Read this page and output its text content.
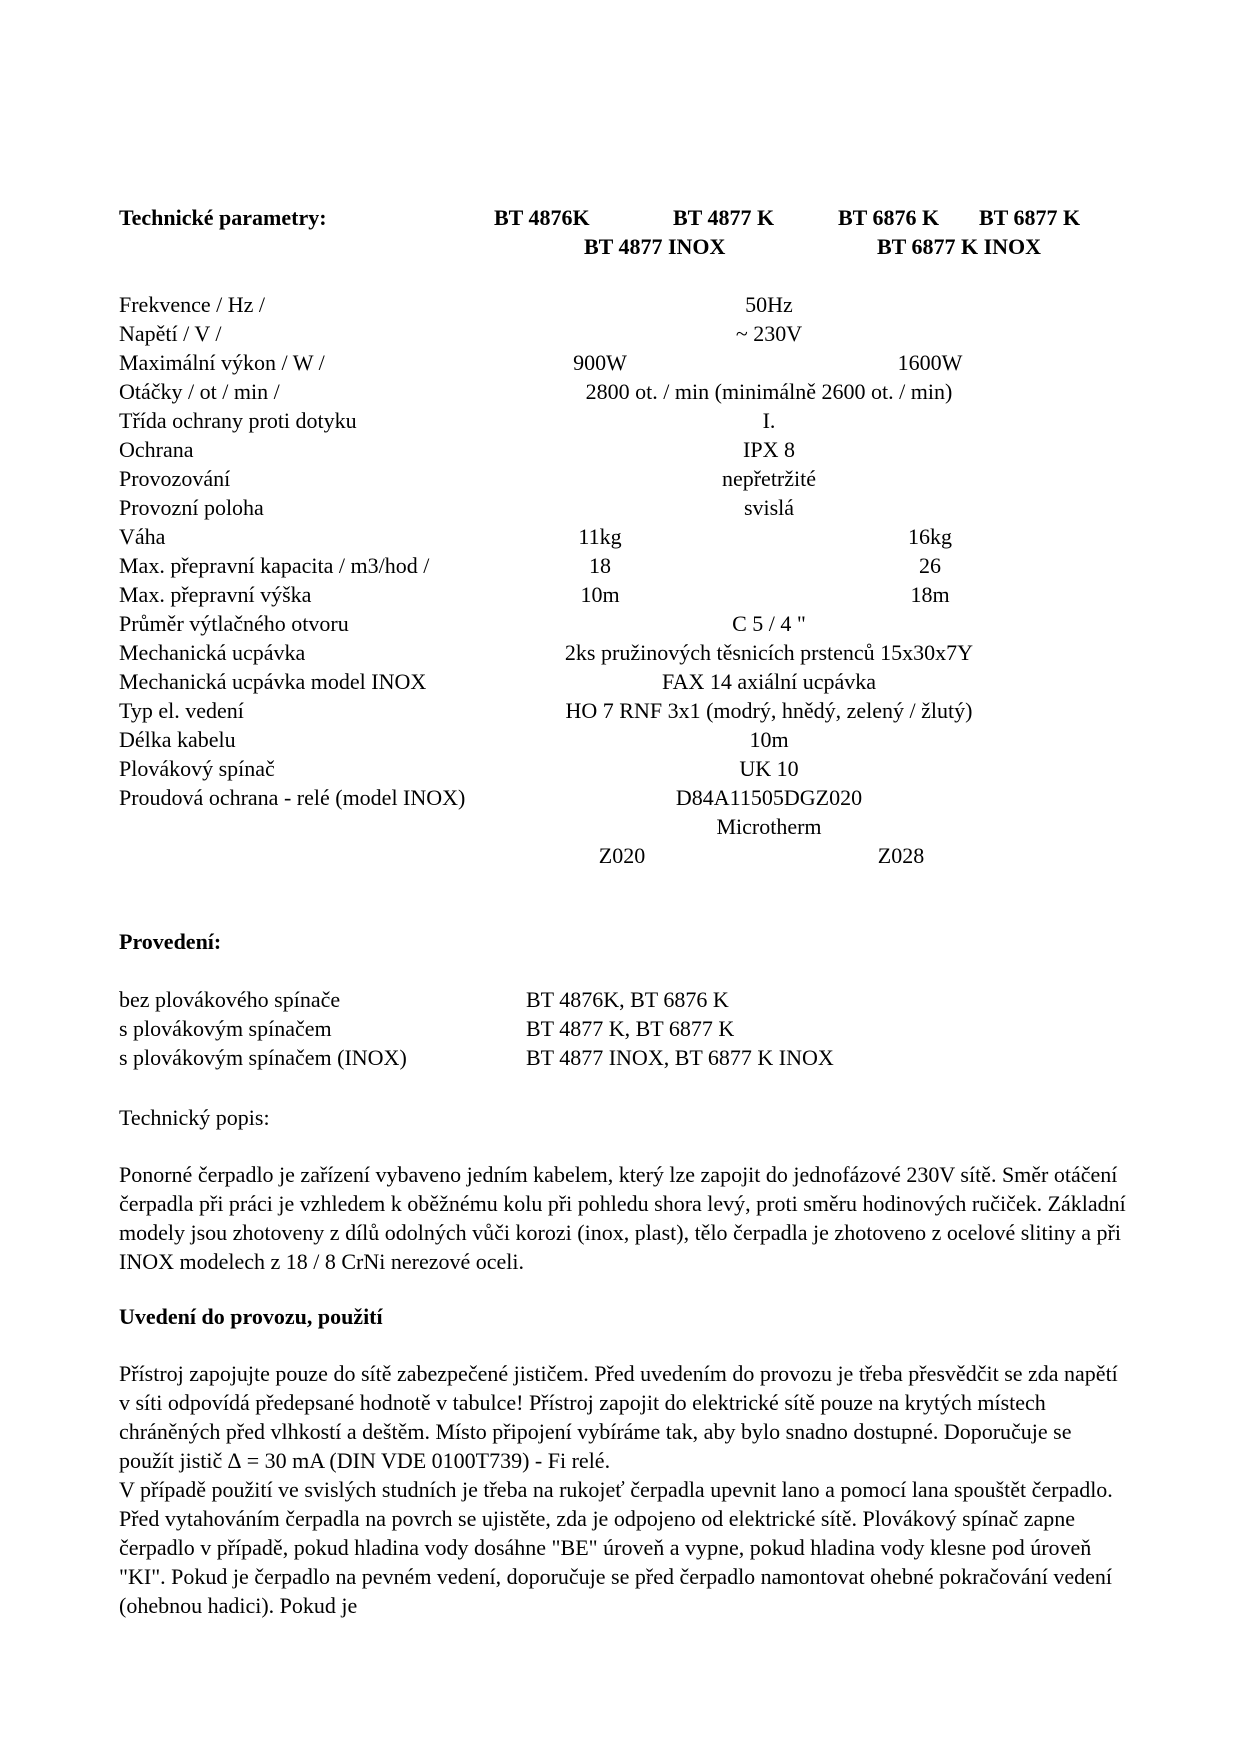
Technické parametry:	BT 4876K	BT 4877 K	BT 6876 K BT 6877 K
BT 4877 INOX	BT 6877 K INOX
Frekvence / Hz /	50Hz
Napětí / V /	~ 230V
Maximální výkon / W /	900W	1600W
Otáčky / ot / min /	2800 ot. / min (minimálně 2600 ot. / min)
Třída ochrany proti dotyku	I.
Ochrana	IPX 8
Provozování	nepřetržité
Provozní poloha	svislá
Váha	11kg	16kg
Max. přepravní kapacita / m3/hod /	18	26
Max. přepravní výška	10m	18m
Průměr výtlačného otvoru	C 5 / 4 "
Mechanická ucpávka	2ks pružinových těsnicích prstenců 15x30x7Y
Mechanická ucpávka model INOX	FAX 14 axiální ucpávka
Typ el. vedení	HO 7 RNF 3x1 (modrý, hnědý, zelený / žlutý)
Délka kabelu	10m
Plovákový spínač	UK 10
Proudová ochrana - relé (model INOX)	D84A11505DGZ020
Microtherm
Z020	Z028
Provedení:
bez plovákového spínače	BT 4876K, BT 6876 K
s plovákovým spínačem	BT 4877 K, BT 6877 K
s plovákovým spínačem (INOX)	BT 4877 INOX, BT 6877 K INOX
Technický popis:

Ponorné čerpadlo je zařízení vybaveno jedním kabelem, který lze zapojit do jednofázové 230V sítě. Směr otáčení čerpadla při práci je vzhledem k oběžnému kolu při pohledu shora levý, proti směru hodinových ručiček. Základní modely jsou zhotoveny z dílů odolných vůči korozi (inox, plast), tělo čerpadla je zhotoveno z ocelové slitiny a při INOX modelech z 18 / 8 CrNi nerezové oceli.

Uvedení do provozu, použití

Přístroj zapojujte pouze do sítě zabezpečené jističem. Před uvedením do provozu je třeba přesvědčit se zda napětí v síti odpovídá předepsané hodnotě v tabulce! Přístroj zapojit do elektrické sítě pouze na krytých místech chráněných před vlhkostí a deštěm. Místo připojení vybíráme tak, aby bylo snadno dostupné. Doporučuje se použít jistič ∆ = 30 mA (DIN VDE 0100T739) - Fi relé.

V případě použití ve svislých studních je třeba na rukojeť čerpadla upevnit lano a pomocí lana spouštět čerpadlo. Před vytahováním čerpadla na povrch se ujistěte, zda je odpojeno od elektrické sítě. Plovákový spínač zapne čerpadlo v případě, pokud hladina vody dosáhne "BE" úroveň a vypne, pokud hladina vody klesne pod úroveň "KI". Pokud je čerpadlo na pevném vedení, doporučuje se před čerpadlo namontovat ohebné pokračování vedení (ohebnou hadici). Pokud je
